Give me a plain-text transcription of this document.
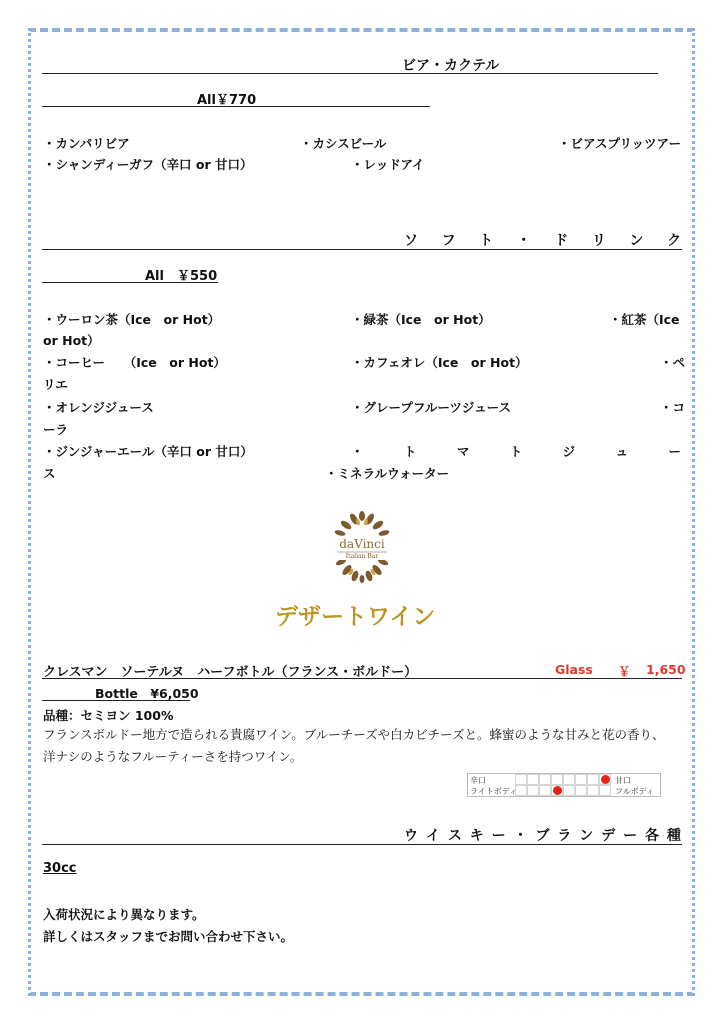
ビア・カクテル
All￥770
・カンパリビア	・カシスビール	・ビアスプリッツアー
・シャンディーガフ（辛口 or 甘口）	・レッドアイ
ソ フ ト ・ ド リ ン ク
All　￥550
・ウーロン茶（Ice　or Hot）	・緑茶（Ice　or Hot）	・紅茶（Ice
or Hot）
・コーヒー　　（Ice　or Hot）	・カフェオレ（Ice　or Hot）	・ペ
リエ
・オレンジジュース	・グレープフルーツジュース	・コ
ーラ
・ジンジャーエール（辛口 or 甘口）	・	ト	マ	ト	ジ	ュ	ー
ス	・ミネラルウォーター
daVinci
Italian Bar
デザートワイン
クレスマン　ソーテルヌ　ハーフボトル（フランス・ボルドー）	Glass ￥ 1,650
Bottle　¥6,050
品種：セミヨン 100%
フランスボルドー地方で造られる貴腐ワイン。ブルーチーズや白カビチーズと。蜂蜜のような甘みと花の香り、
洋ナシのようなフルーティーさを持つワイン。
辛口
ライトボディ
甘口
フルボディ
ウ イ ス キ ー ・ ブ ラ ン デ ー 各 種
30cc
入荷状況により異なります。
詳しくはスタッフまでお問い合わせ下さい。
